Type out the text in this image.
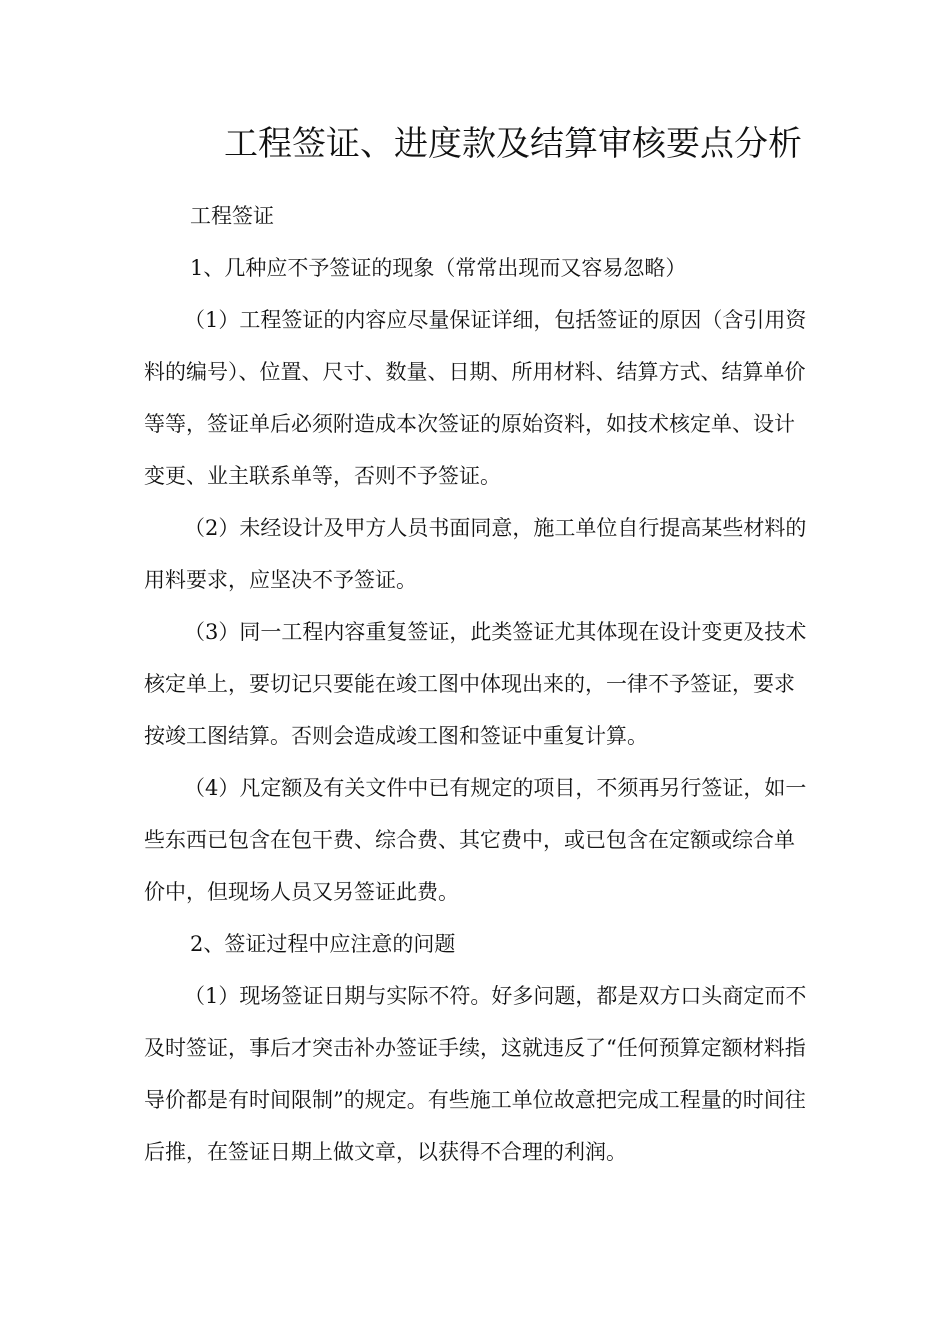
工程签证、进度款及结算审核要点分析

工程签证

1、几种应不予签证的现象（常常出现而又容易忽略）

（1）工程签证的内容应尽量保证详细，包括签证的原因（含引用资料的编号）、位置、尺寸、数量、日期、所用材料、结算方式、结算单价等等，签证单后必须附造成本次签证的原始资料，如技术核定单、设计变更、业主联系单等，否则不予签证。

（2）未经设计及甲方人员书面同意，施工单位自行提高某些材料的用料要求，应坚决不予签证。

（3）同一工程内容重复签证，此类签证尤其体现在设计变更及技术核定单上，要切记只要能在竣工图中体现出来的，一律不予签证，要求按竣工图结算。否则会造成竣工图和签证中重复计算。

（4）凡定额及有关文件中已有规定的项目，不须再另行签证，如一些东西已包含在包干费、综合费、其它费中，或已包含在定额或综合单价中，但现场人员又另签证此费。

2、签证过程中应注意的问题

（1）现场签证日期与实际不符。好多问题，都是双方口头商定而不及时签证，事后才突击补办签证手续，这就违反了“任何预算定额材料指导价都是有时间限制”的规定。有些施工单位故意把完成工程量的时间往后推，在签证日期上做文章，以获得不合理的利润。
